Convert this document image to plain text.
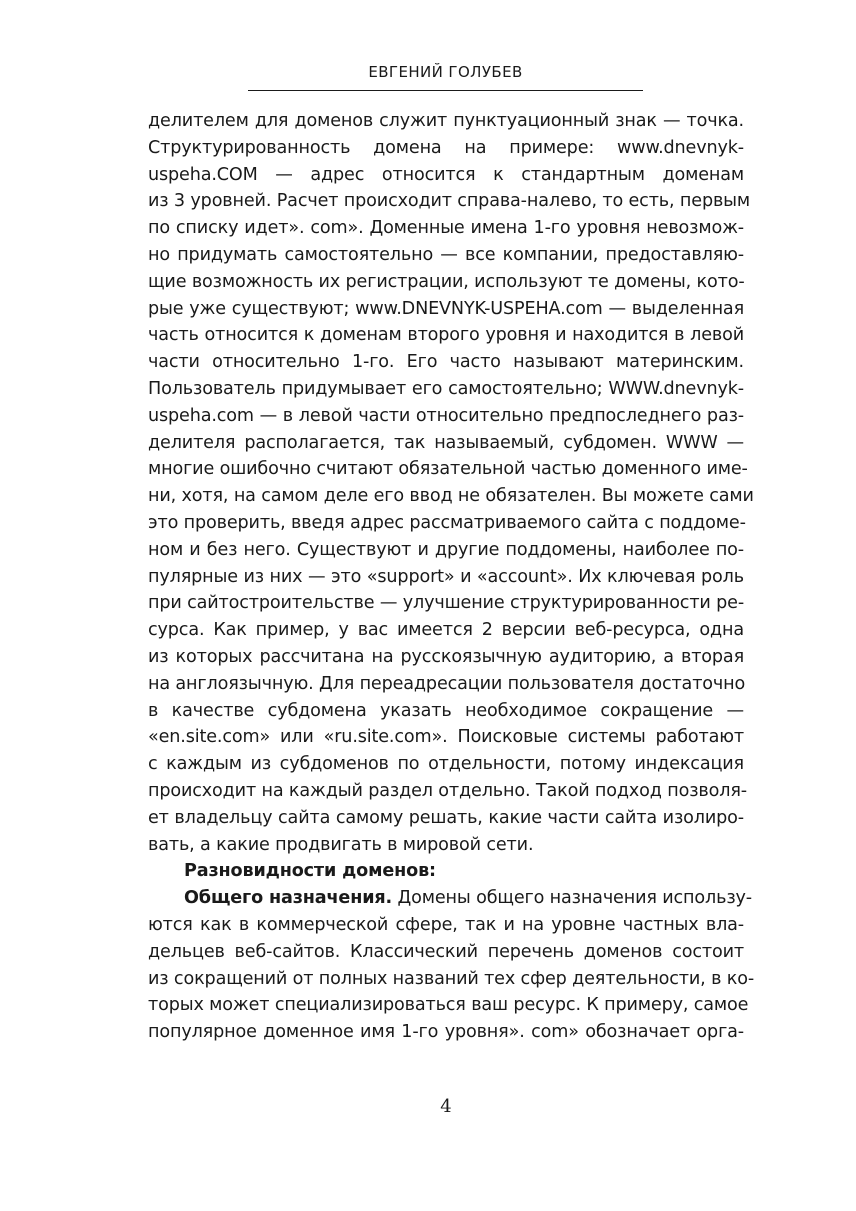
ЕВГЕНИЙ ГОЛУБЕВ
делителем для доменов служит пунктуационный знак — точка.
Структурированность домена на примере: www.dnevnyk-
uspeha.COM — адрес относится к стандартным доменам
из 3 уровней. Расчет происходит справа-налево, то есть, первым
по списку идет». com». Доменные имена 1-го уровня невозмож-
но придумать самостоятельно — все компании, предоставляю-
щие возможность их регистрации, используют те домены, кото-
рые уже существуют; www.DNEVNYK-USPEHA.com — выделенная
часть относится к доменам второго уровня и находится в левой
части относительно 1-го. Его часто называют материнским.
Пользователь придумывает его самостоятельно; WWW.dnevnyk-
uspeha.com — в левой части относительно предпоследнего раз-
делителя располагается, так называемый, субдомен. WWW —
многие ошибочно считают обязательной частью доменного име-
ни, хотя, на самом деле его ввод не обязателен. Вы можете сами
это проверить, введя адрес рассматриваемого сайта с поддоме-
ном и без него. Существуют и другие поддомены, наиболее по-
пулярные из них — это «support» и «account». Их ключевая роль
при сайтостроительстве — улучшение структурированности ре-
сурса. Как пример, у вас имеется 2 версии веб-ресурса, одна
из которых рассчитана на русскоязычную аудиторию, а вторая
на англоязычную. Для переадресации пользователя достаточно
в качестве субдомена указать необходимое сокращение —
«en.site.com» или «ru.site.com». Поисковые системы работают
с каждым из субдоменов по отдельности, потому индексация
происходит на каждый раздел отдельно. Такой подход позволя-
ет владельцу сайта самому решать, какие части сайта изолиро-
вать, а какие продвигать в мировой сети.
Разновидности доменов:
Общего назначения. Домены общего назначения использу-
ются как в коммерческой сфере, так и на уровне частных вла-
дельцев веб-сайтов. Классический перечень доменов состоит
из сокращений от полных названий тех сфер деятельности, в ко-
торых может специализироваться ваш ресурс. К примеру, самое
популярное доменное имя 1-го уровня». com» обозначает орга-
4
